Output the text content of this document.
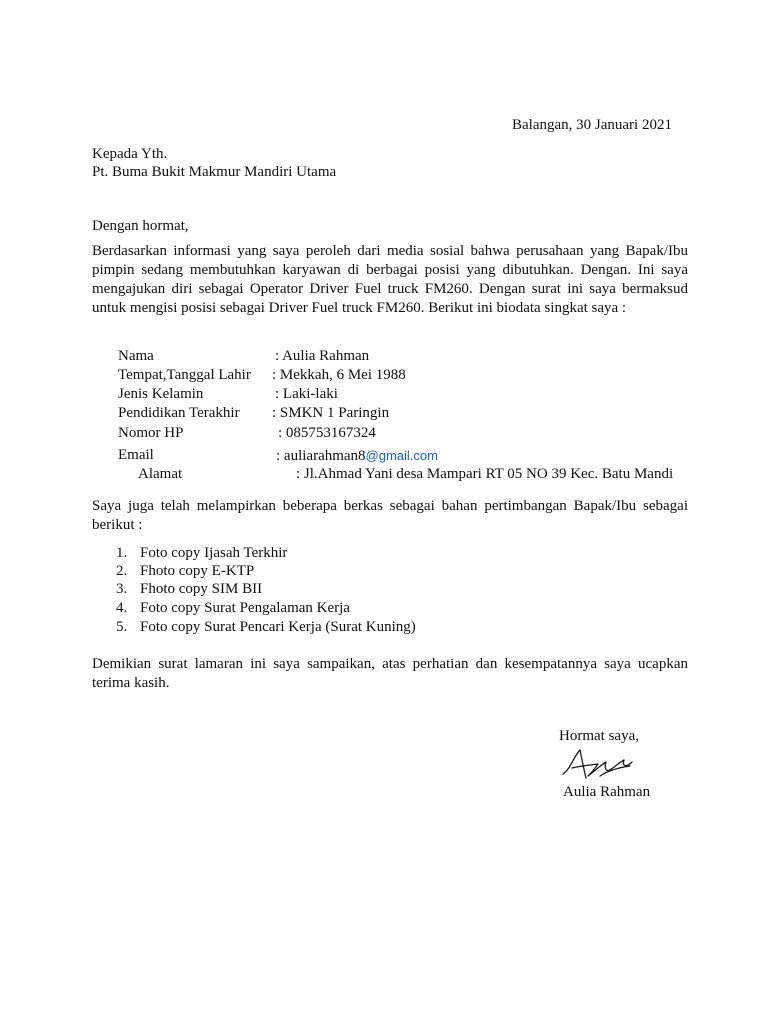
Balangan, 30 Januari 2021

Kepada Yth.

Pt. Buma Bukit Makmur Mandiri Utama

Dengan hormat,

Berdasarkan informasi yang saya peroleh dari media sosial bahwa perusahaan yang Bapak/Ibu pimpin sedang membutuhkan karyawan di berbagai posisi yang dibutuhkan. Dengan. Ini saya mengajukan diri sebagai Operator Driver Fuel truck FM260. Dengan surat ini saya bermaksud untuk mengisi posisi sebagai Driver Fuel truck FM260. Berikut ini biodata singkat saya :

Nama	: Aulia Rahman
Tempat,Tanggal Lahir : Mekkah, 6 Mei 1988
Jenis Kelamin	: Laki-laki
Pendidikan Terakhir : SMKN 1 Paringin
Nomor HP	: 085753167324
Email	: auliarahman8@gmail.com
Alamat	: Jl.Ahmad Yani desa Mampari RT 05 NO 39 Kec. Batu Mandi

Saya juga telah melampirkan beberapa berkas sebagai bahan pertimbangan Bapak/Ibu sebagai berikut :

1. Foto copy Ijasah Terkhir
2. Fhoto copy E-KTP
3. Fhoto copy SIM BII
4. Foto copy Surat Pengalaman Kerja
5. Foto copy Surat Pencari Kerja (Surat Kuning)

Demikian surat lamaran ini saya sampaikan, atas perhatian dan kesempatannya saya ucapkan terima kasih.

Hormat saya,

Aulia Rahman
